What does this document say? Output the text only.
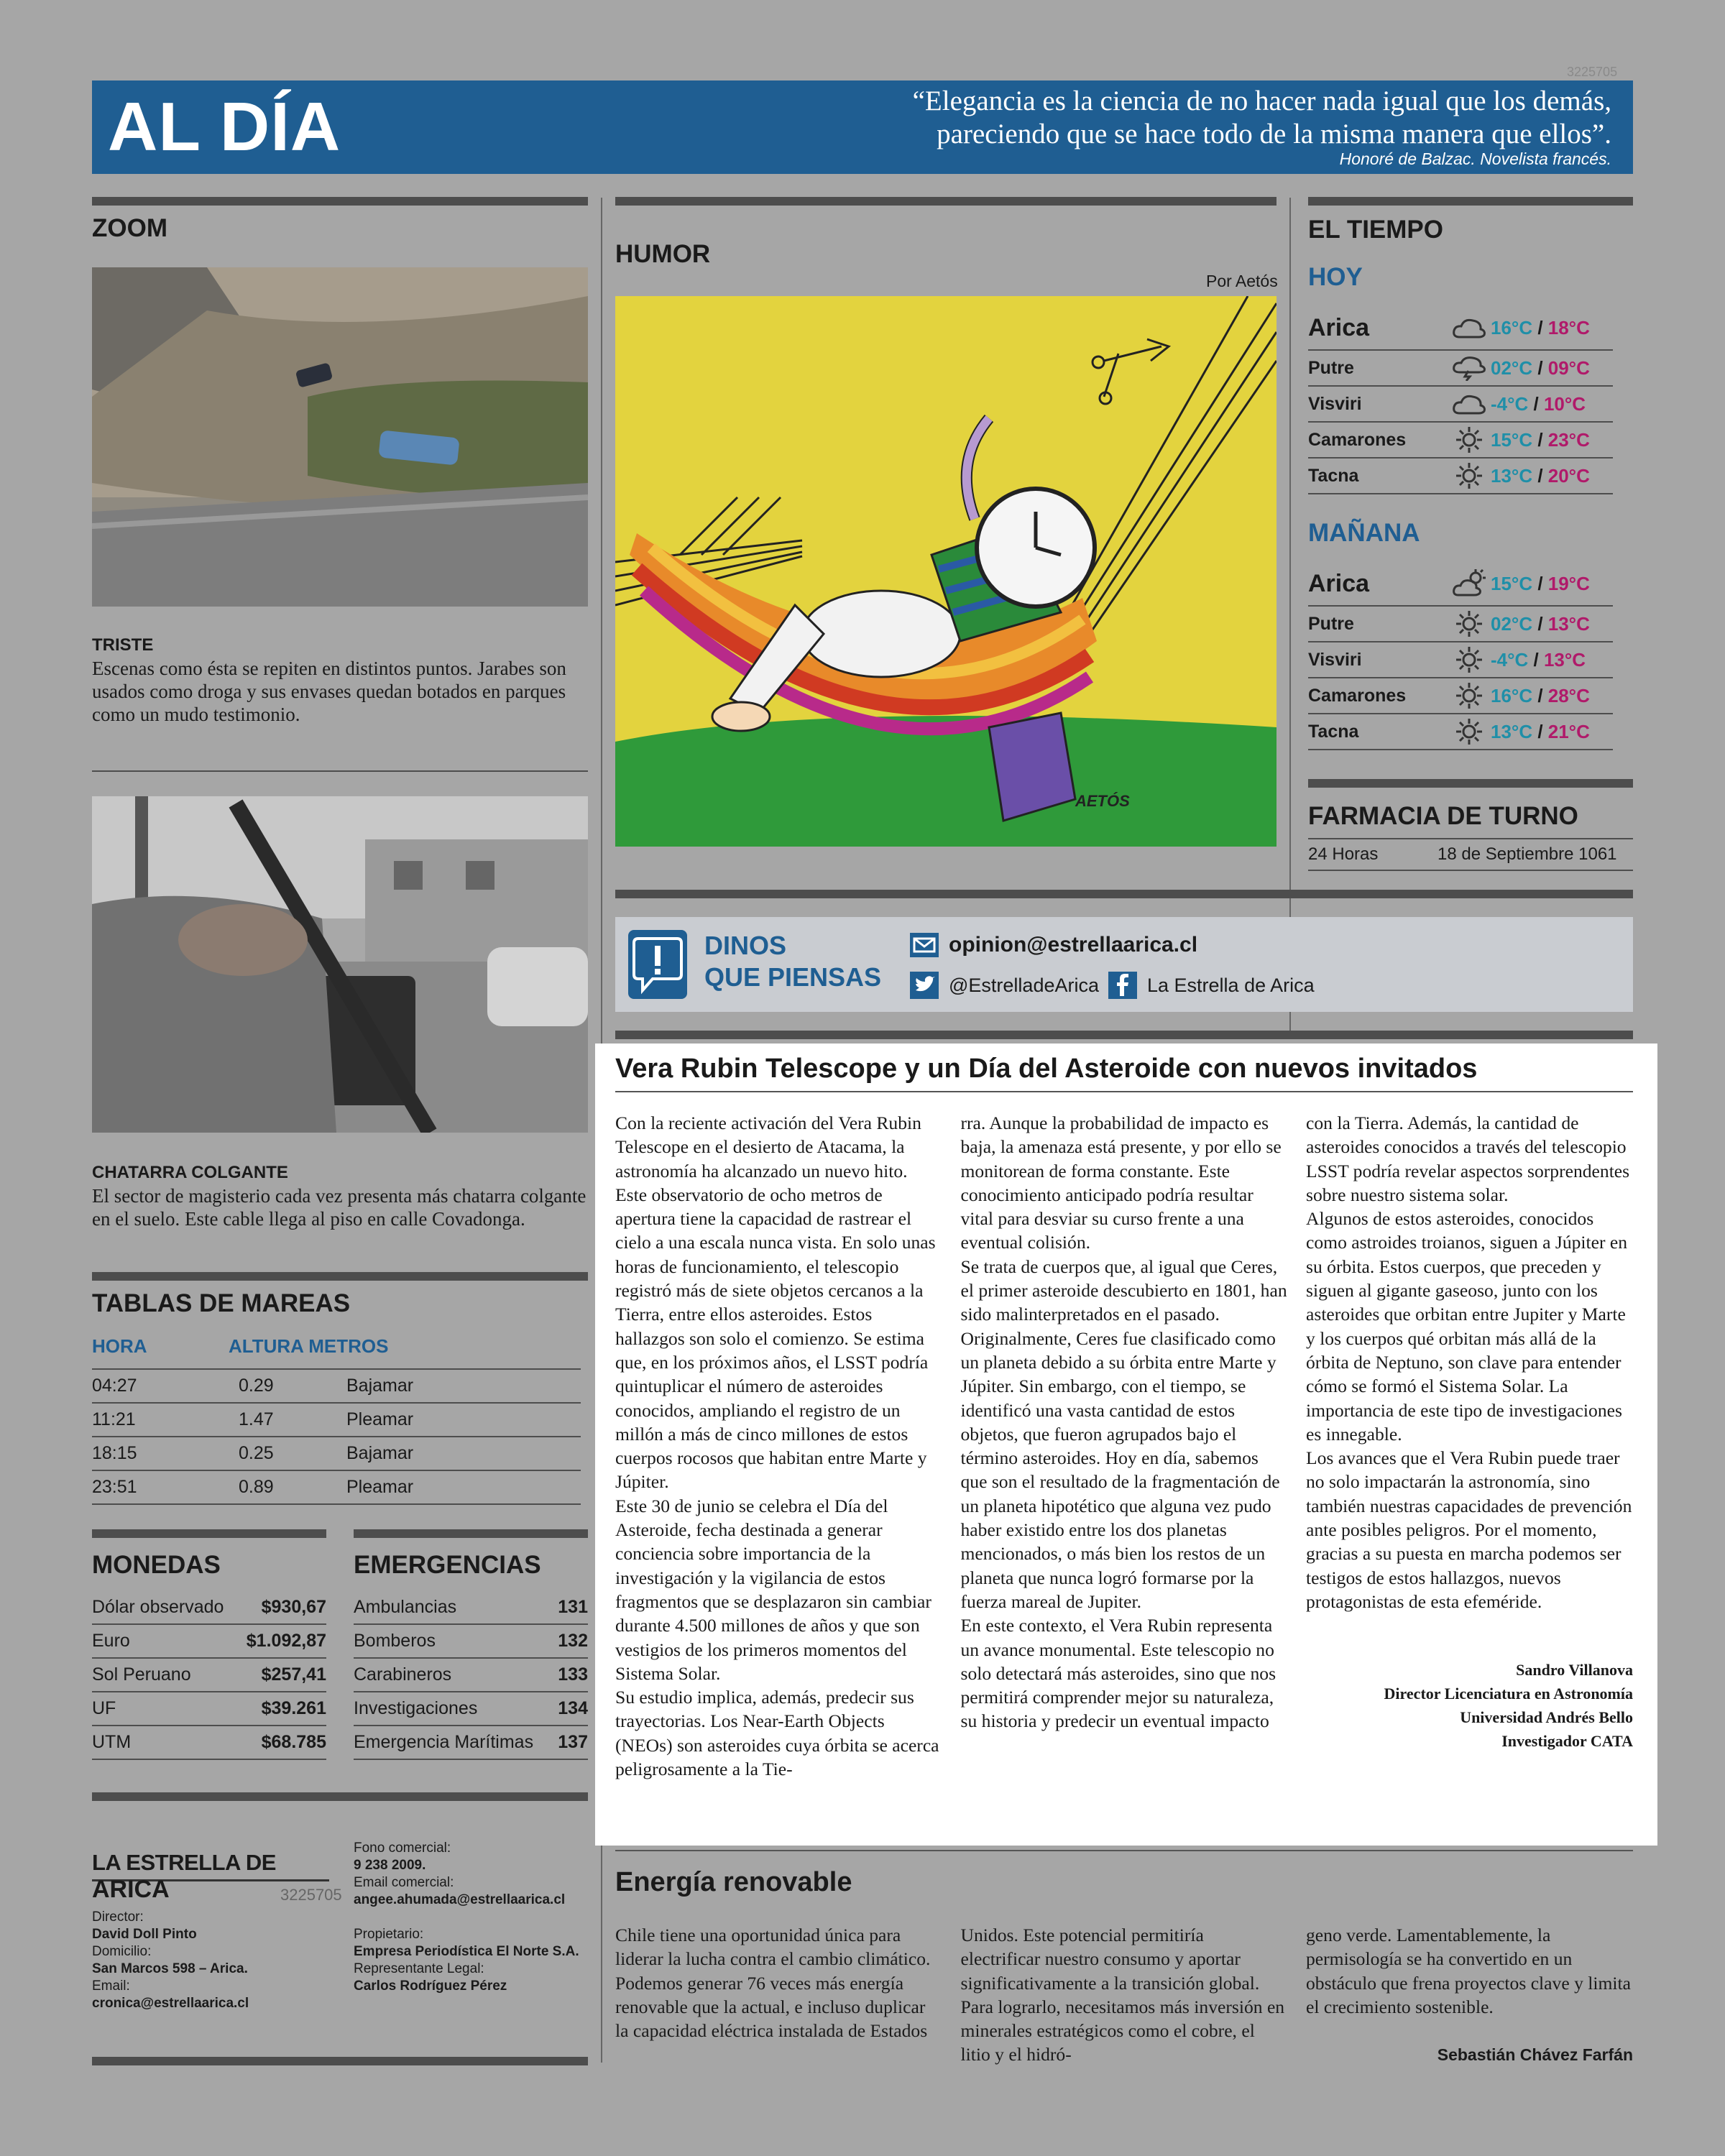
3225705
AL DÍA	“Elegancia es la ciencia de no hacer nada igual que los demás,
pareciendo que se hace todo de la misma manera que ellos”.
Honoré de Balzac. Novelista francés.
ZOOM
TRISTE
Escenas como ésta se repiten en distintos puntos. Jarabes son usados como droga y sus envases quedan botados en parques como un mudo testimonio.
CHATARRA COLGANTE
El sector de magisterio cada vez presenta más chatarra colgante en el suelo. Este cable llega al piso en calle Covadonga.
TABLAS DE MAREAS
HORA	ALTURA METROS
04:27	0.29	Bajamar
11:21	1.47	Pleamar
18:15	0.25	Bajamar
23:51	0.89	Pleamar
MONEDAS
Dólar observado $930,67
Euro	$1.092,87
Sol Peruano	$257,41
UF	$39.261
UTM	$68.785
EMERGENCIAS
Ambulancias	131
Bomberos	132
Carabineros	133
Investigaciones	134
Emergencia Marítimas 137
LA ESTRELLA DE ARICA	3225705
Fono comercial:
9 238 2009.
Email comercial:
angee.ahumada@estrellaarica.cl
Director:
David Doll Pinto
Domicilio:
San Marcos 598 – Arica.
Email:
cronica@estrellaarica.cl
Propietario:
Empresa Periodística El Norte S.A.
Representante Legal:
Carlos Rodríguez Pérez
HUMOR
Por Aetós
AETÓS
EL TIEMPO
HOY
Arica	16°C / 18°C
Putre	02°C / 09°C
Visviri	-4°C / 10°C
Camarones	15°C / 23°C
Tacna	13°C / 20°C
MAÑANA
Arica	15°C / 19°C
Putre	02°C / 13°C
Visviri	-4°C / 13°C
Camarones	16°C / 28°C
Tacna	13°C / 21°C
FARMACIA DE TURNO
24 Horas	18 de Septiembre 1061
DINOS
QUE PIENSAS
opinion@estrellaarica.cl
@EstrelladeArica La Estrella de Arica
Vera Rubin Telescope y un Día del Asteroide con nuevos invitados

Con la reciente activación del Vera Rubin Telescope en el desierto de Atacama, la astronomía ha alcanzado un nuevo hito. Este observatorio de ocho metros de apertura tiene la capacidad de rastrear el cielo a una escala nunca vista. En solo unas horas de funcionamiento, el telescopio registró más de siete objetos cercanos a la Tierra, entre ellos asteroides. Estos hallazgos son solo el comienzo. Se estima que, en los próximos años, el LSST podría quintuplicar el número de asteroides conocidos, ampliando el registro de un millón a más de cinco millones de estos cuerpos rocosos que habitan entre Marte y Júpiter.

Este 30 de junio se celebra el Día del Asteroide, fecha destinada a generar conciencia sobre importancia de la investigación y la vigilancia de estos fragmentos que se desplazaron sin cambiar durante 4.500 millones de años y que son vestigios de los primeros momentos del Sistema Solar.

Su estudio implica, además, predecir sus trayectorias. Los Near-Earth Objects (NEOs) son asteroides cuya órbita se acerca peligrosamente a la Tie-

rra. Aunque la probabilidad de impacto es baja, la amenaza está presente, y por ello se monitorean de forma constante. Este conocimiento anticipado podría resultar vital para desviar su curso frente a una eventual colisión.

Se trata de cuerpos que, al igual que Ceres, el primer asteroide descubierto en 1801, han sido malinterpretados en el pasado. Originalmente, Ceres fue clasificado como un planeta debido a su órbita entre Marte y Júpiter. Sin embargo, con el tiempo, se identificó una vasta cantidad de estos objetos, que fueron agrupados bajo el término asteroides. Hoy en día, sabemos que son el resultado de la fragmentación de un planeta hipotético que alguna vez pudo haber existido entre los dos planetas mencionados, o más bien los restos de un planeta que nunca logró formarse por la fuerza mareal de Jupiter.

En este contexto, el Vera Rubin representa un avance monumental. Este telescopio no solo detectará más asteroides, sino que nos permitirá comprender mejor su naturaleza, su historia y predecir un eventual impacto

con la Tierra. Además, la cantidad de asteroides conocidos a través del telescopio LSST podría revelar aspectos sorprendentes sobre nuestro sistema solar.

Algunos de estos asteroides, conocidos como astroides troianos, siguen a Júpiter en su órbita. Estos cuerpos, que preceden y siguen al gigante gaseoso, junto con los asteroides que orbitan entre Jupiter y Marte y los cuerpos qué orbitan más allá de la órbita de Neptuno, son clave para entender cómo se formó el Sistema Solar. La importancia de este tipo de investigaciones es innegable.

Los avances que el Vera Rubin puede traer no solo impactarán la astronomía, sino también nuestras capacidades de prevención ante posibles peligros. Por el momento, gracias a su puesta en marcha podemos ser testigos de estos hallazgos, nuevos protagonistas de esta efeméride.

Sandro Villanova
Director Licenciatura en Astronomía
Universidad Andrés Bello
Investigador CATA
Energía renovable
Chile tiene una oportunidad única para liderar la lucha contra el cambio climático. Podemos generar 76 veces más energía renovable que la actual, e incluso duplicar la capacidad eléctrica instalada de Estados
Unidos. Este potencial permitiría electrificar nuestro consumo y aportar significativamente a la transición global. Para lograrlo, necesitamos más inversión en minerales estratégicos como el cobre, el litio y el hidró-
geno verde. Lamentablemente, la permisología se ha convertido en un obstáculo que frena proyectos clave y limita el crecimiento sostenible.
Sebastián Chávez Farfán
